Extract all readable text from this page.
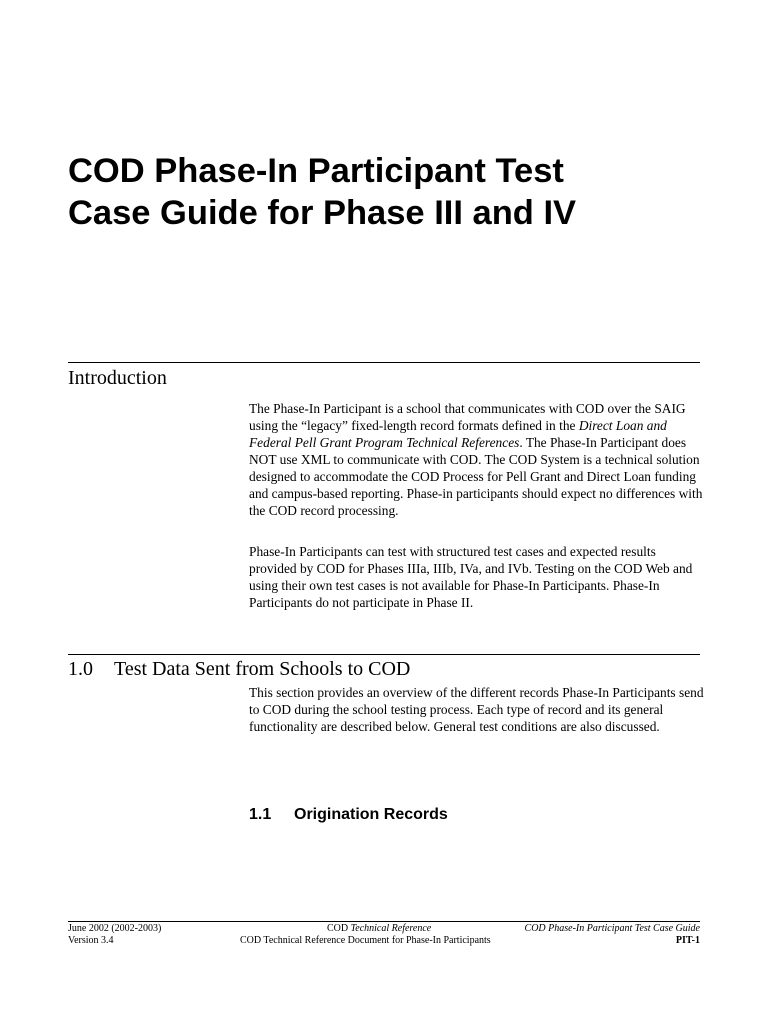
COD Phase-In Participant Test
Case Guide for Phase III and IV
Introduction

The Phase-In Participant is a school that communicates with COD over the SAIG using the “legacy” fixed-length record formats defined in the Direct Loan and Federal Pell Grant Program Technical References. The Phase-In Participant does NOT use XML to communicate with COD. The COD System is a technical solution designed to accommodate the COD Process for Pell Grant and Direct Loan funding and campus-based reporting. Phase-in participants should expect no differences with the COD record processing.

Phase-In Participants can test with structured test cases and expected results provided by COD for Phases IIIa, IIIb, IVa, and IVb. Testing on the COD Web and using their own test cases is not available for Phase-In Participants. Phase-In Participants do not participate in Phase II.

1.0 Test Data Sent from Schools to COD

This section provides an overview of the different records Phase-In Participants send to COD during the school testing process. Each type of record and its general functionality are described below. General test conditions are also discussed.

1.1 Origination Records
June 2002 (2002-2003)	COD Technical Reference	COD Phase-In Participant Test Case Guide
Version 3.4	COD Technical Reference Document for Phase-In Participants	PIT-1
